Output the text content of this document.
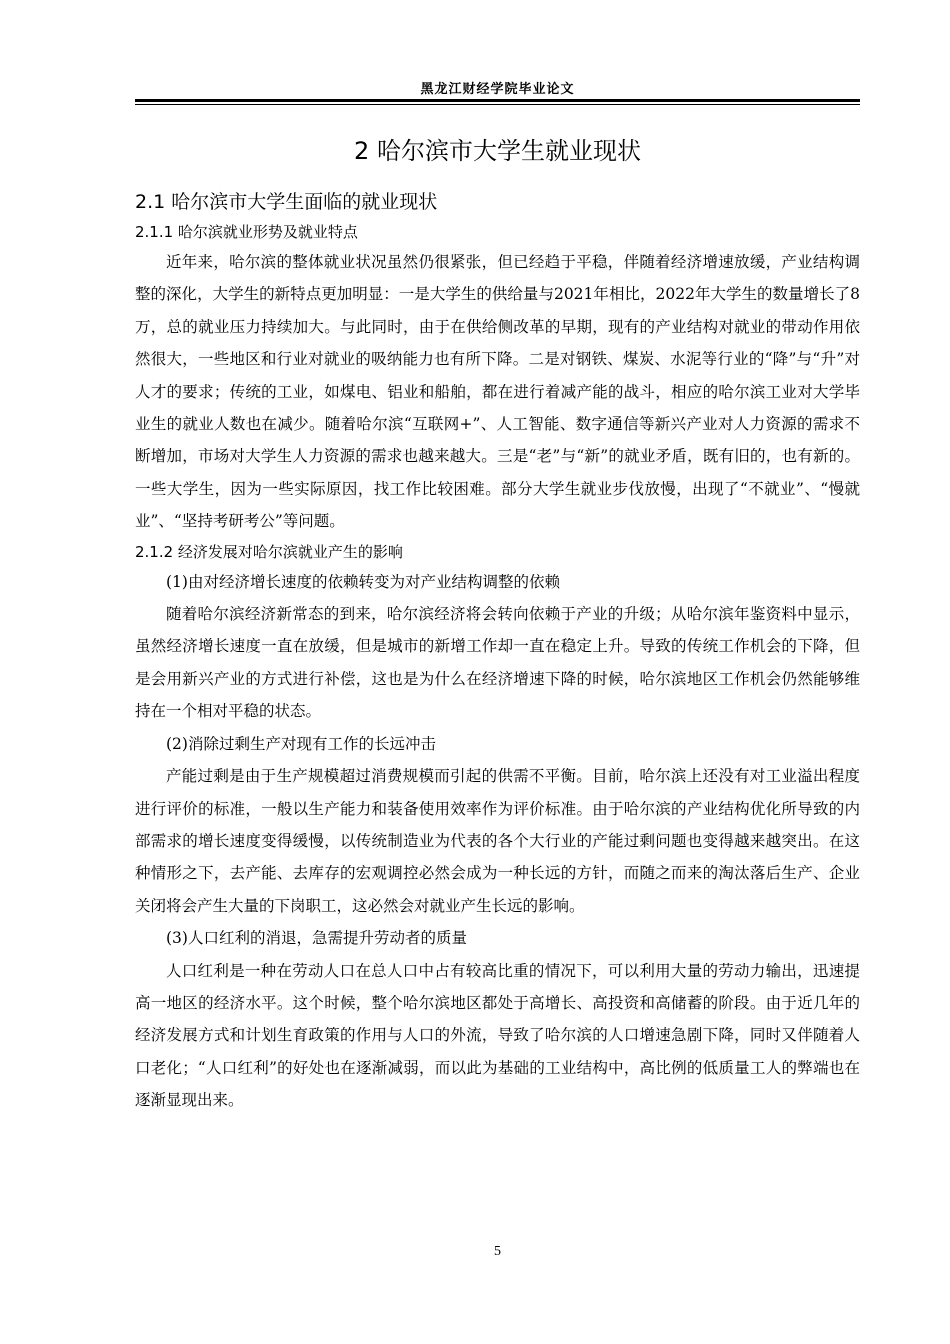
黑龙江财经学院毕业论文
2 哈尔滨市大学生就业现状
2.1 哈尔滨市大学生面临的就业现状
2.1.1 哈尔滨就业形势及就业特点

近年来，哈尔滨的整体就业状况虽然仍很紧张，但已经趋于平稳，伴随着经济增速放缓，产业结构调整的深化，大学生的新特点更加明显：一是大学生的供给量与2021年相比，2022年大学生的数量增长了8万，总的就业压力持续加大。与此同时，由于在供给侧改革的早期，现有的产业结构对就业的带动作用依然很大，一些地区和行业对就业的吸纳能力也有所下降。二是对钢铁、煤炭、水泥等行业的“降”与“升”对人才的要求；传统的工业，如煤电、铝业和船舶，都在进行着减产能的战斗，相应的哈尔滨工业对大学毕业生的就业人数也在减少。随着哈尔滨“互联网+”、人工智能、数字通信等新兴产业对人力资源的需求不断增加，市场对大学生人力资源的需求也越来越大。三是“老”与“新”的就业矛盾，既有旧的，也有新的。一些大学生，因为一些实际原因，找工作比较困难。部分大学生就业步伐放慢，出现了“不就业”、“慢就业”、“坚持考研考公”等问题。

2.1.2 经济发展对哈尔滨就业产生的影响

(1)由对经济增长速度的依赖转变为对产业结构调整的依赖

随着哈尔滨经济新常态的到来，哈尔滨经济将会转向依赖于产业的升级；从哈尔滨年鉴资料中显示，虽然经济增长速度一直在放缓，但是城市的新增工作却一直在稳定上升。导致的传统工作机会的下降，但是会用新兴产业的方式进行补偿，这也是为什么在经济增速下降的时候，哈尔滨地区工作机会仍然能够维持在一个相对平稳的状态。

(2)消除过剩生产对现有工作的长远冲击

产能过剩是由于生产规模超过消费规模而引起的供需不平衡。目前，哈尔滨上还没有对工业溢出程度进行评价的标准，一般以生产能力和装备使用效率作为评价标准。由于哈尔滨的产业结构优化所导致的内部需求的增长速度变得缓慢，以传统制造业为代表的各个大行业的产能过剩问题也变得越来越突出。在这种情形之下，去产能、去库存的宏观调控必然会成为一种长远的方针，而随之而来的淘汰落后生产、企业关闭将会产生大量的下岗职工，这必然会对就业产生长远的影响。

(3)人口红利的消退，急需提升劳动者的质量

人口红利是一种在劳动人口在总人口中占有较高比重的情况下，可以利用大量的劳动力输出，迅速提高一地区的经济水平。这个时候，整个哈尔滨地区都处于高增长、高投资和高储蓄的阶段。由于近几年的经济发展方式和计划生育政策的作用与人口的外流，导致了哈尔滨的人口增速急剧下降，同时又伴随着人口老化；“人口红利”的好处也在逐渐减弱，而以此为基础的工业结构中，高比例的低质量工人的弊端也在逐渐显现出来。

5
